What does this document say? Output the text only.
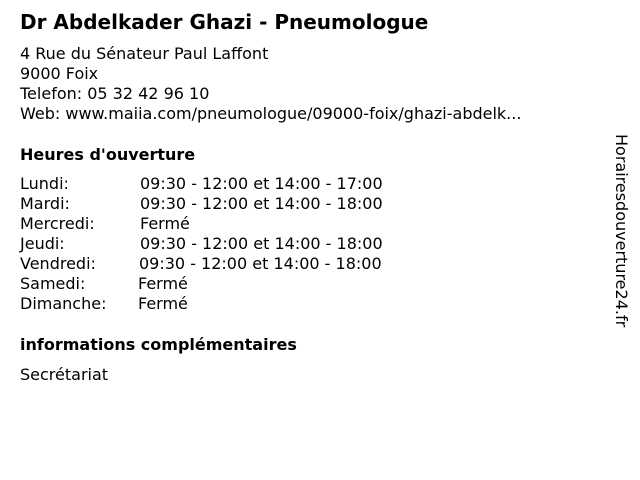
Dr Abdelkader Ghazi - Pneumologue
4 Rue du Sénateur Paul Laffont
9000 Foix
Telefon: 05 32 42 96 10
Web: www.maiia.com/pneumologue/09000-foix/ghazi-abdelk...
Heures d'ouverture
Lundi:	09:30 - 12:00 et 14:00 - 17:00
Mardi:	09:30 - 12:00 et 14:00 - 18:00
Mercredi:	Fermé
Jeudi:	09:30 - 12:00 et 14:00 - 18:00
Vendredi:	09:30 - 12:00 et 14:00 - 18:00
Samedi:	Fermé
Dimanche: Fermé
informations complémentaires
Secrétariat
Horairesdouverture24.fr
